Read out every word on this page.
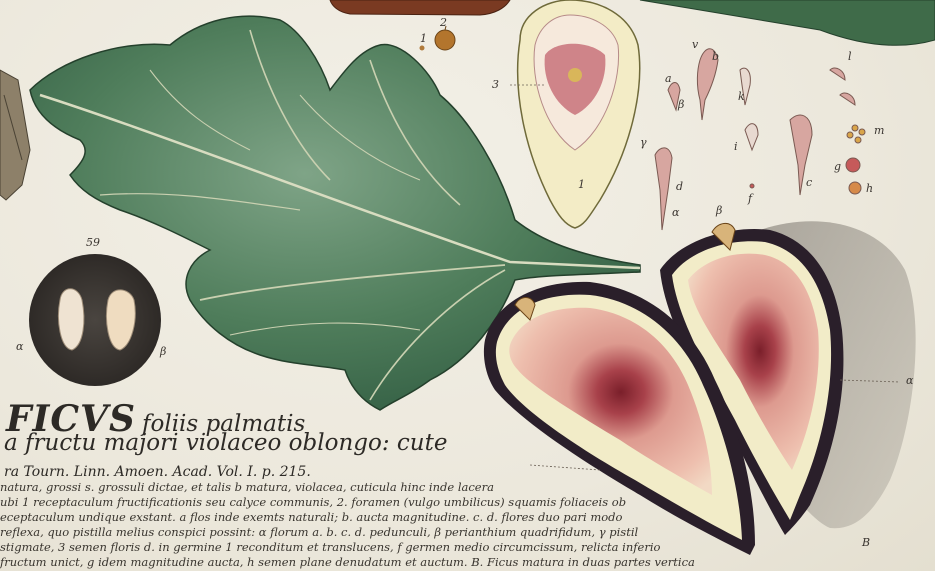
59
α	β
1
2
3
1
v
b
a
β
k
l
i
m
g
h
f
d	c
γ
α	β
α
B
FICVS foliis palmatis
a fructu majori violaceo oblongo: cute
ra Tourn. Linn. Amoen. Acad. Vol. I. p. 215.
natura, grossi s. grossuli dictae, et talis b matura, violacea, cuticula hinc inde lacera
ubi 1 receptaculum fructificationis seu calyce communis, 2. foramen (vulgo umbilicus) squamis foliaceis ob
eceptaculum undique exstant. a flos inde exemts naturali; b. aucta magnitudine. c. d. flores duo pari modo
reflexa, quo pistilla melius conspici possint: α florum a. b. c. d. pedunculi, β perianthium quadrifidum, γ pistil
stigmate, 3 semen floris d. in germine 1 reconditum et translucens, f germen medio circumcissum, relicta inferio
fructum unict, g idem magnitudine aucta, h semen plane denudatum et auctum. B. Ficus matura in duas partes vertica
